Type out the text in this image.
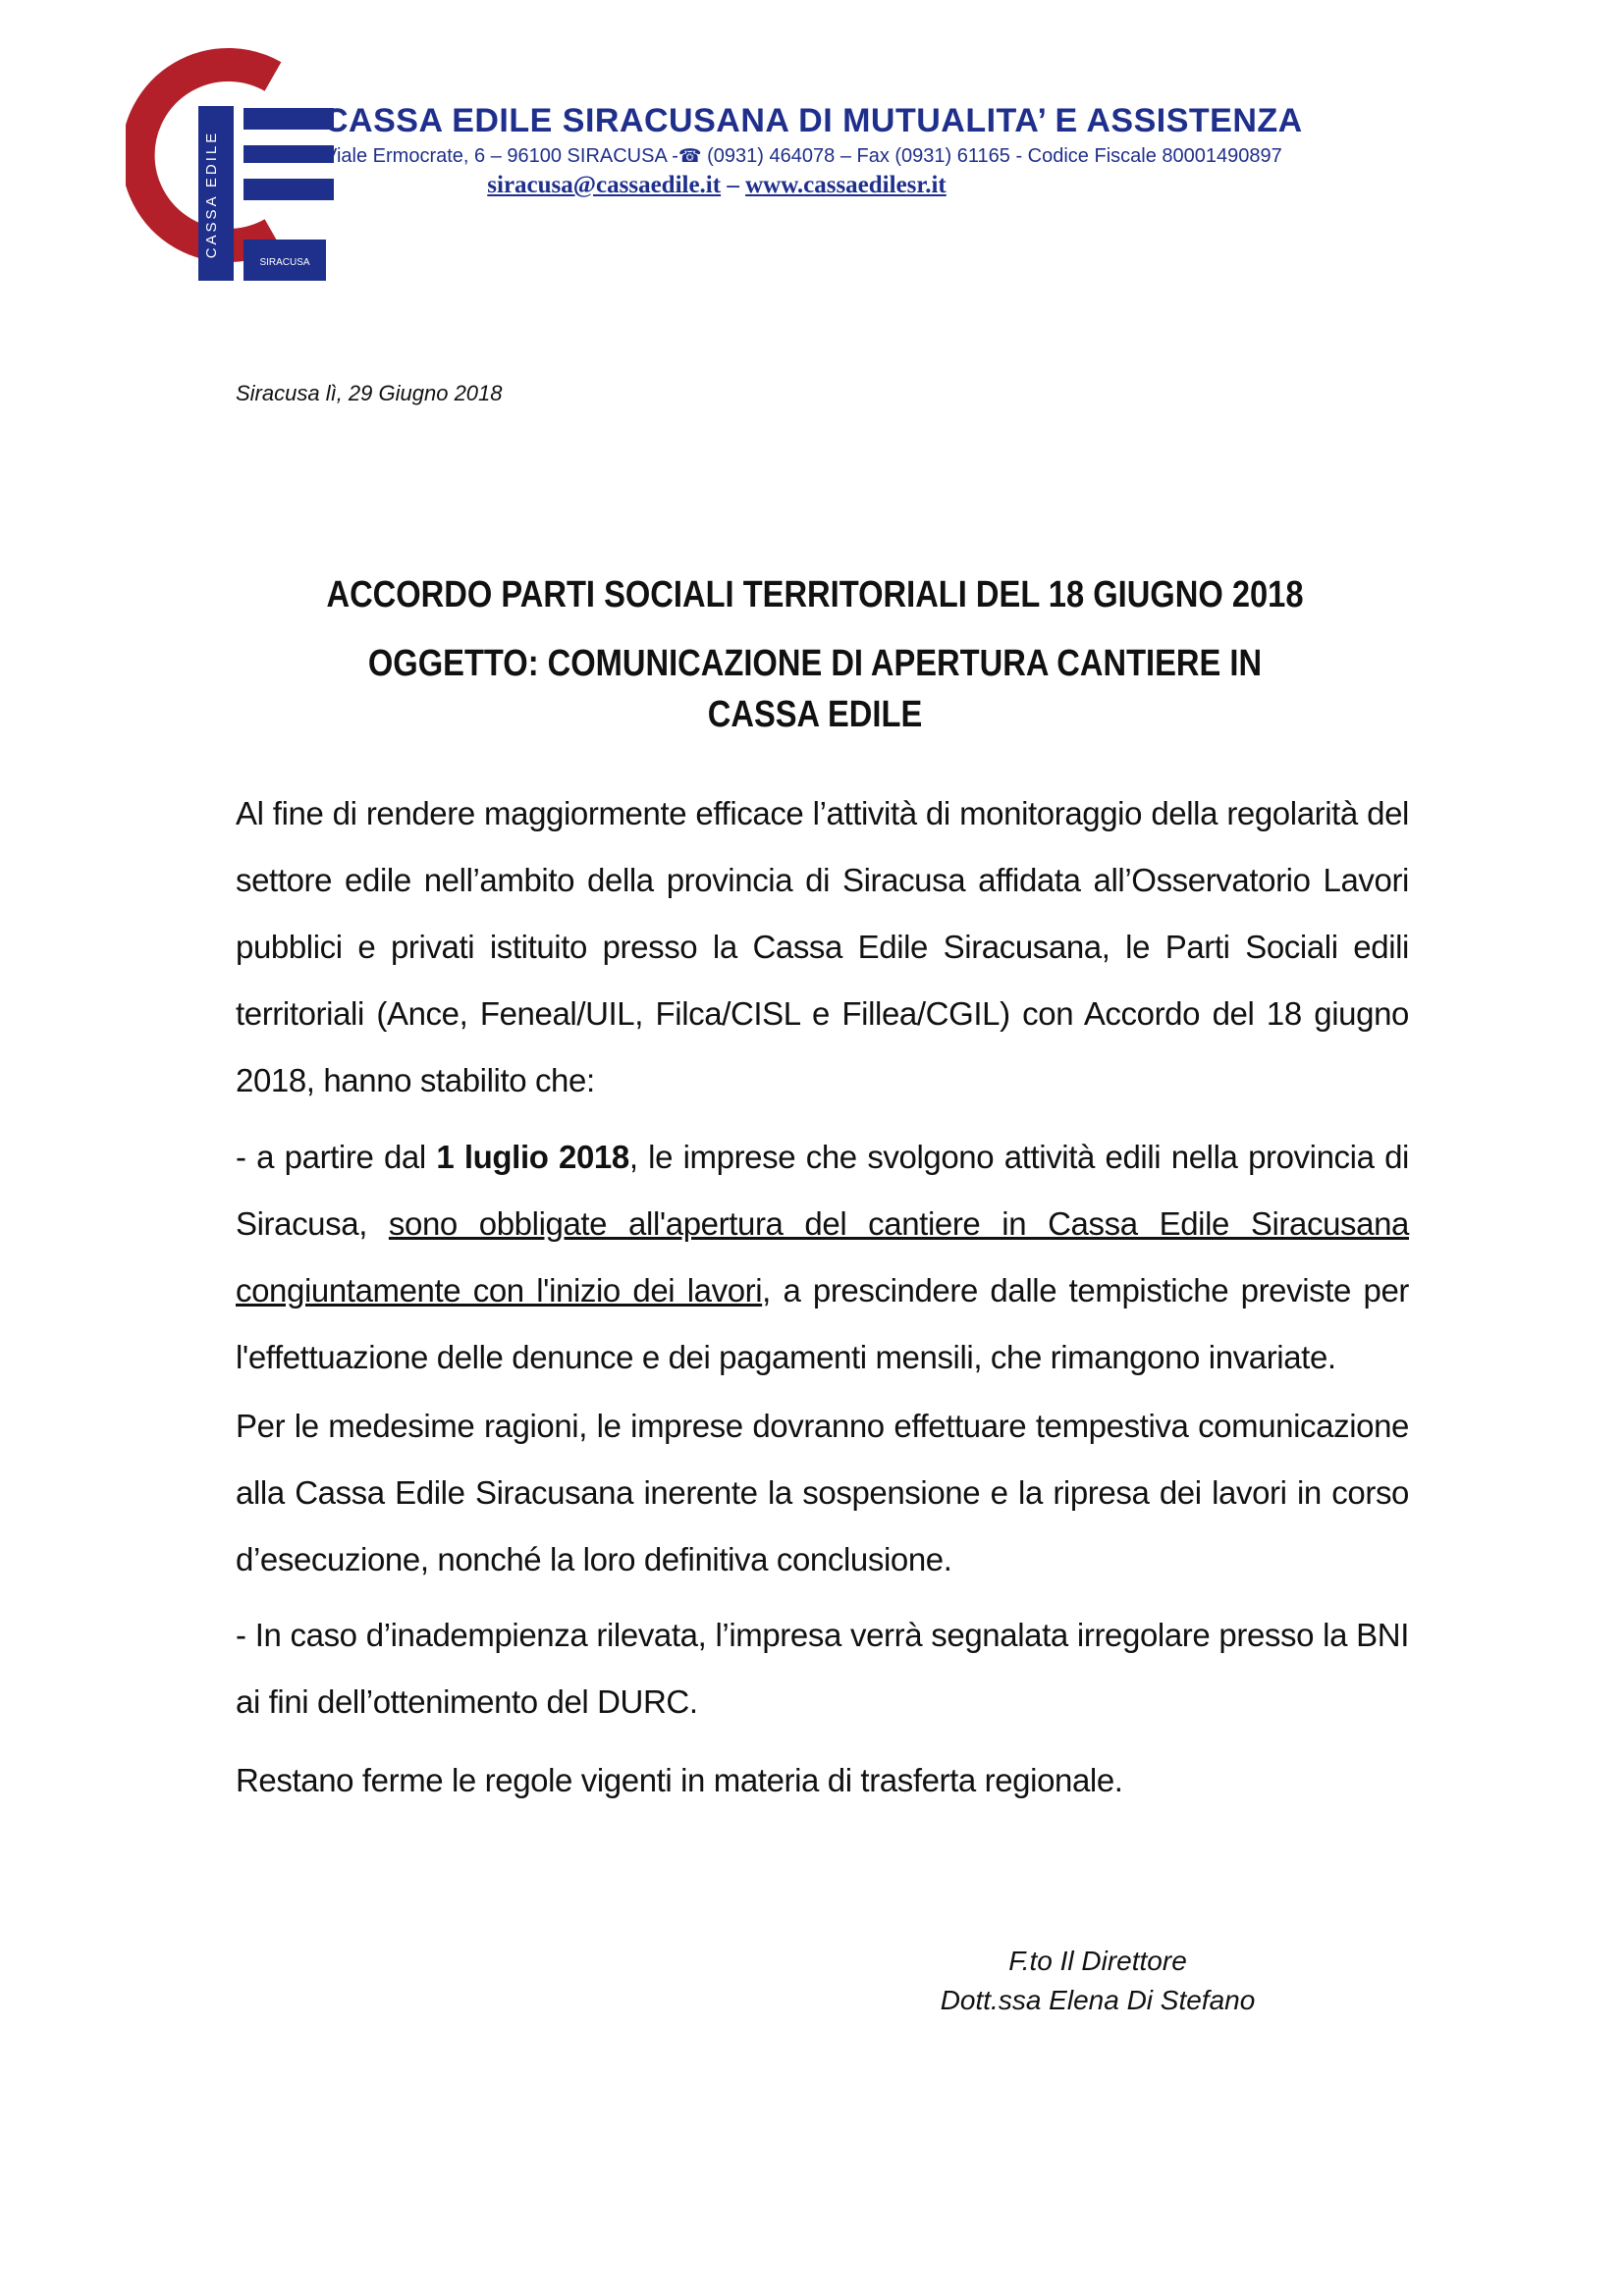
CASSA EDILE
SIRACUSA
CASSA EDILE SIRACUSANA DI MUTUALITA’ E ASSISTENZA
Viale Ermocrate, 6 – 96100 SIRACUSA -☎ (0931) 464078 – Fax (0931) 61165 - Codice Fiscale 80001490897
siracusa@cassaedile.it – www.cassaedilesr.it
Siracusa lì, 29 Giugno 2018
ACCORDO PARTI SOCIALI TERRITORIALI DEL 18 GIUGNO 2018
OGGETTO: COMUNICAZIONE DI APERTURA CANTIERE IN CASSA EDILE
Al fine di rendere maggiormente efficace l’attività di monitoraggio della regolarità del settore edile nell’ambito della provincia di Siracusa affidata all’Osservatorio Lavori pubblici e privati istituito presso la Cassa Edile Siracusana, le Parti Sociali edili territoriali (Ance, Feneal/UIL, Filca/CISL e Fillea/CGIL) con Accordo del 18 giugno 2018, hanno stabilito che:
- a partire dal 1 luglio 2018, le imprese che svolgono attività edili nella provincia di Siracusa, sono obbligate all'apertura del cantiere in Cassa Edile Siracusana congiuntamente con l'inizio dei lavori, a prescindere dalle tempistiche previste per l'effettuazione delle denunce e dei pagamenti mensili, che rimangono invariate.
Per le medesime ragioni, le imprese dovranno effettuare tempestiva comunicazione alla Cassa Edile Siracusana inerente la sospensione e la ripresa dei lavori in corso d’esecuzione, nonché la loro definitiva conclusione.
- In caso d’inadempienza rilevata, l’impresa verrà segnalata irregolare presso la BNI ai fini dell’ottenimento del DURC.
Restano ferme le regole vigenti in materia di trasferta regionale.
F.to Il Direttore
Dott.ssa Elena Di Stefano
